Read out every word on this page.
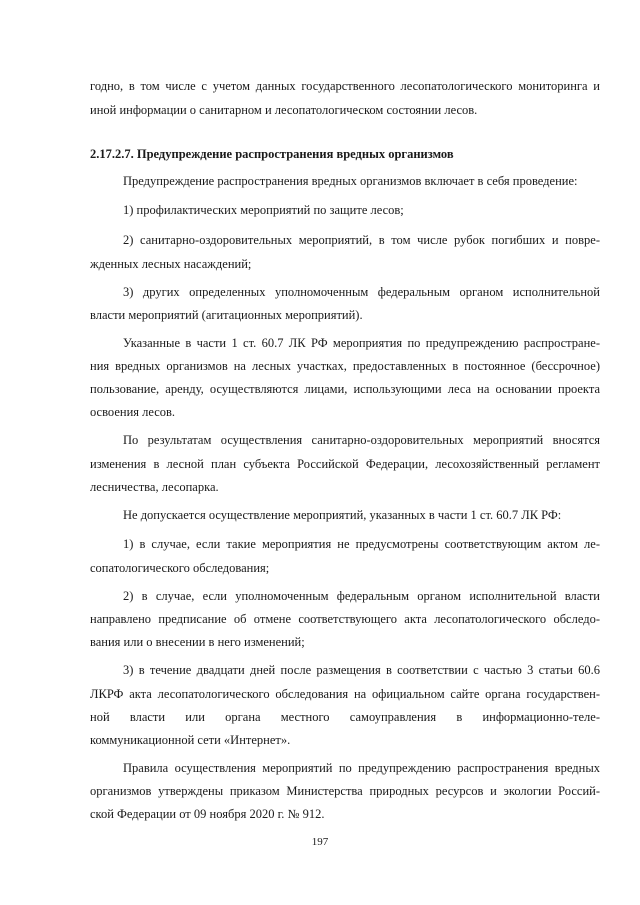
годно, в том числе с учетом данных государственного лесопатологического мониторинга и
иной информации о санитарном и лесопатологическом состоянии лесов.
2.17.2.7. Предупреждение распространения вредных организмов
Предупреждение распространения вредных организмов включает в себя проведение:
1) профилактических мероприятий по защите лесов;
2) санитарно-оздоровительных мероприятий, в том числе рубок погибших и повре-
жденных лесных насаждений;
3) других определенных уполномоченным федеральным органом исполнительной
власти мероприятий (агитационных мероприятий).
Указанные в части 1 ст. 60.7 ЛК РФ мероприятия по предупреждению распростране-
ния вредных организмов на лесных участках, предоставленных в постоянное (бессрочное)
пользование, аренду, осуществляются лицами, использующими леса на основании проекта
освоения лесов.
По результатам осуществления санитарно-оздоровительных мероприятий вносятся
изменения в лесной план субъекта Российской Федерации, лесохозяйственный регламент
лесничества, лесопарка.
Не допускается осуществление мероприятий, указанных в части 1 ст. 60.7 ЛК РФ:
1) в случае, если такие мероприятия не предусмотрены соответствующим актом ле-
сопатологического обследования;
2) в случае, если уполномоченным федеральным органом исполнительной власти
направлено предписание об отмене соответствующего акта лесопатологического обследо-
вания или о внесении в него изменений;
3) в течение двадцати дней после размещения в соответствии с частью 3 статьи 60.6
ЛКРФ акта лесопатологического обследования на официальном сайте органа государствен-
ной власти или органа местного самоуправления в информационно-теле-
коммуникационной сети «Интернет».
Правила осуществления мероприятий по предупреждению распространения вредных
организмов утверждены приказом Министерства природных ресурсов и экологии Россий-
ской Федерации от 09 ноября 2020 г. № 912.
197
